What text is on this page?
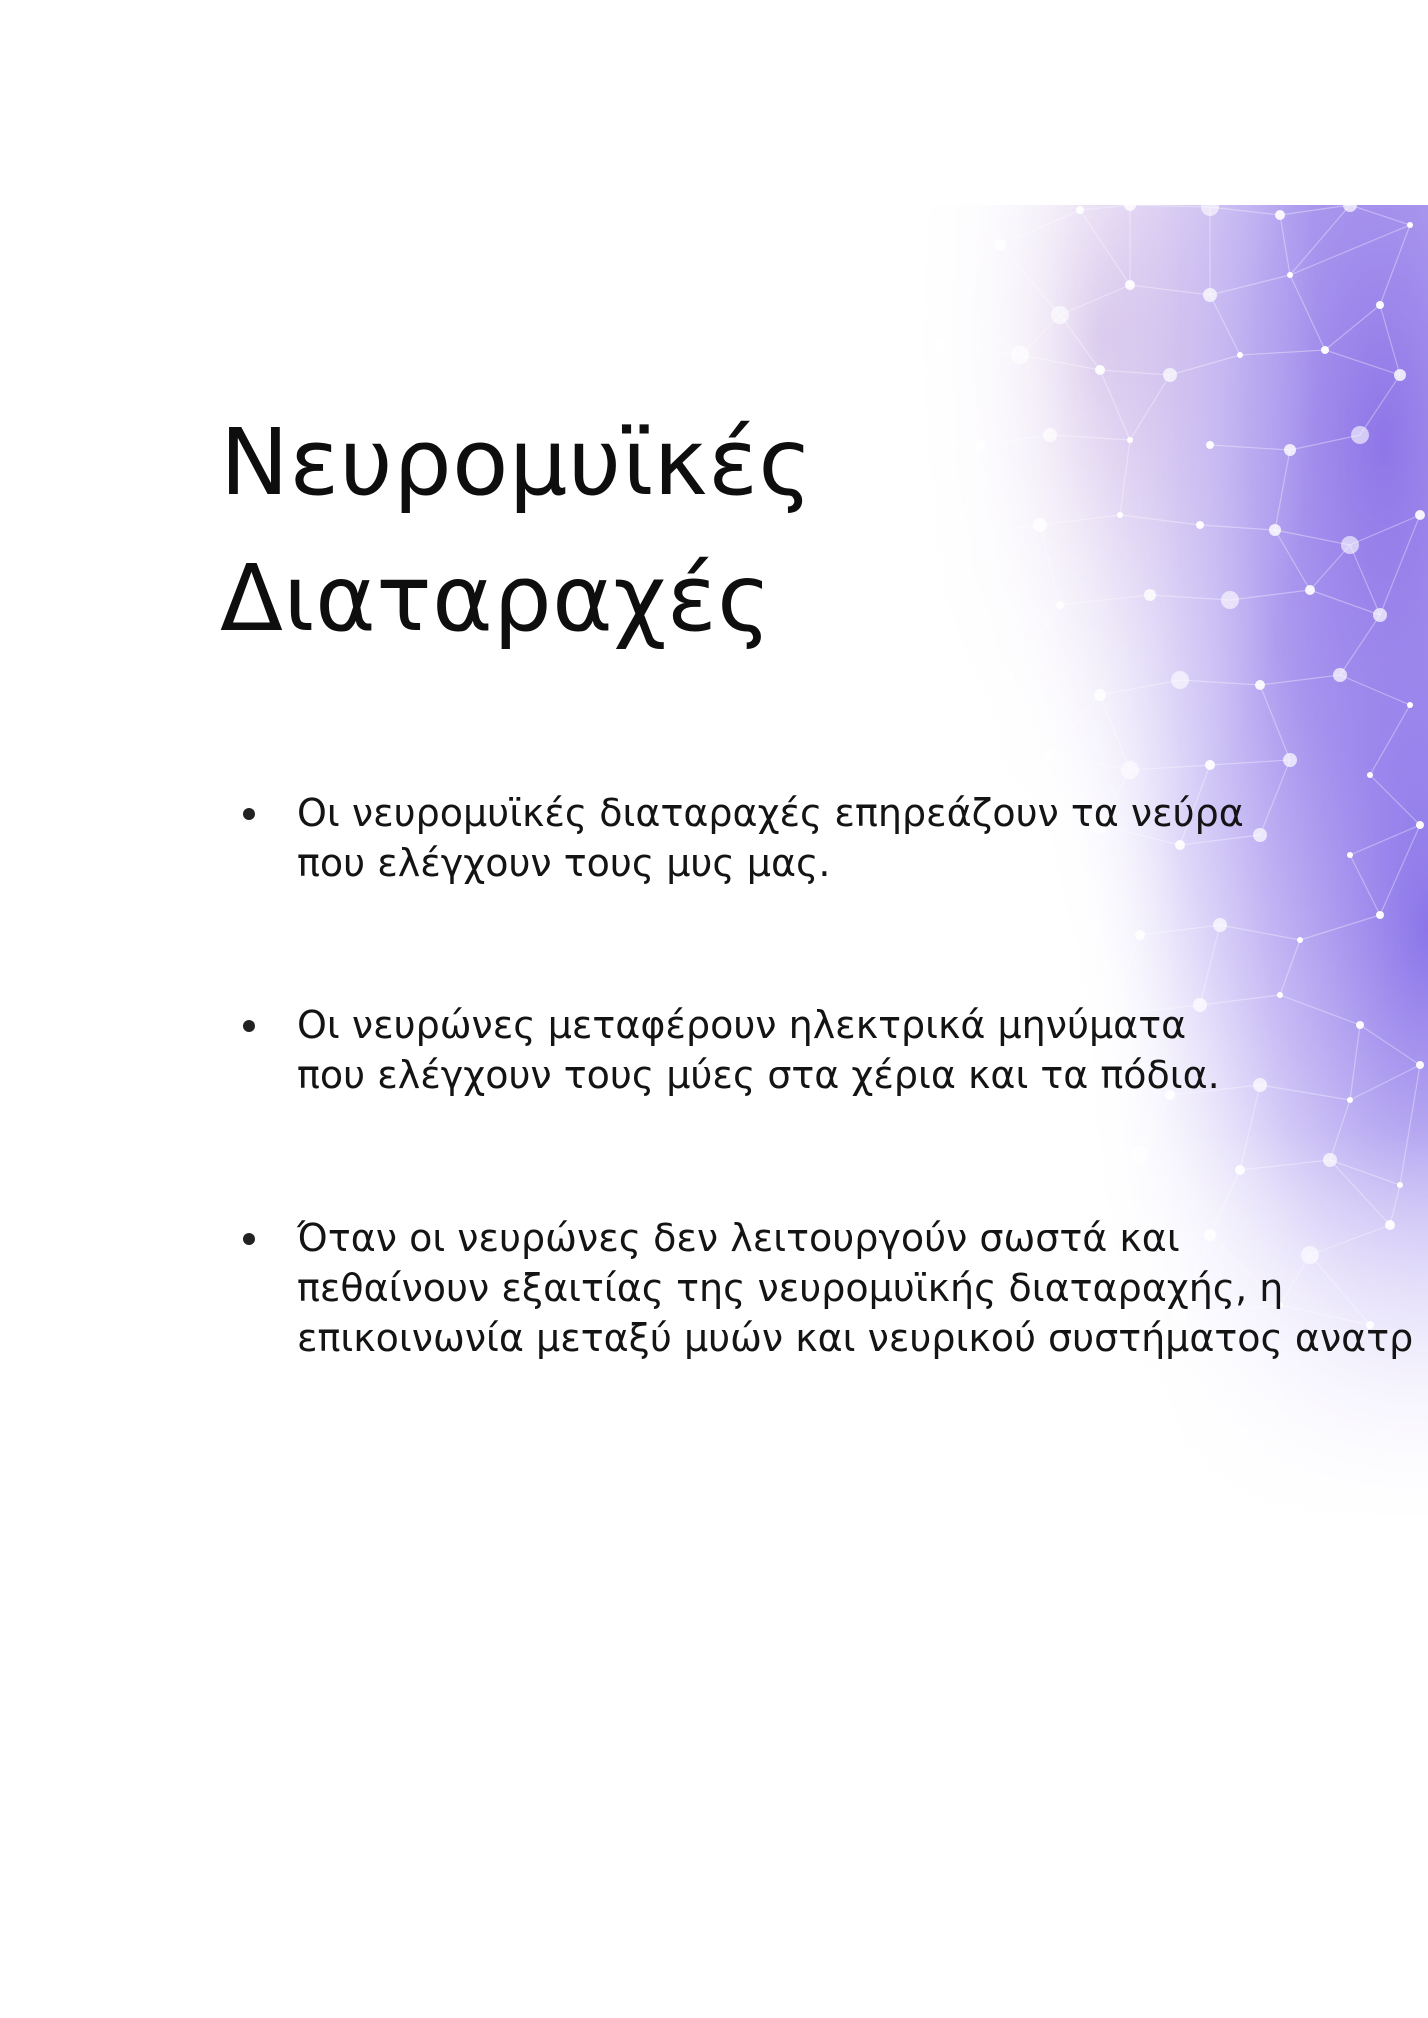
Νευρομυϊκές
Διαταραχές
Οι νευρομυϊκές διαταραχές επηρεάζουν τα νεύρα
που ελέγχουν τους μυς μας.
Οι νευρώνες μεταφέρουν ηλεκτρικά μηνύματα
που ελέγχουν τους μύες στα χέρια και τα πόδια.
Όταν οι νευρώνες δεν λειτουργούν σωστά και
πεθαίνουν εξαιτίας της νευρομυϊκής διαταραχής, η
επικοινωνία μεταξύ μυών και νευρικού συστήματος ανατρ
